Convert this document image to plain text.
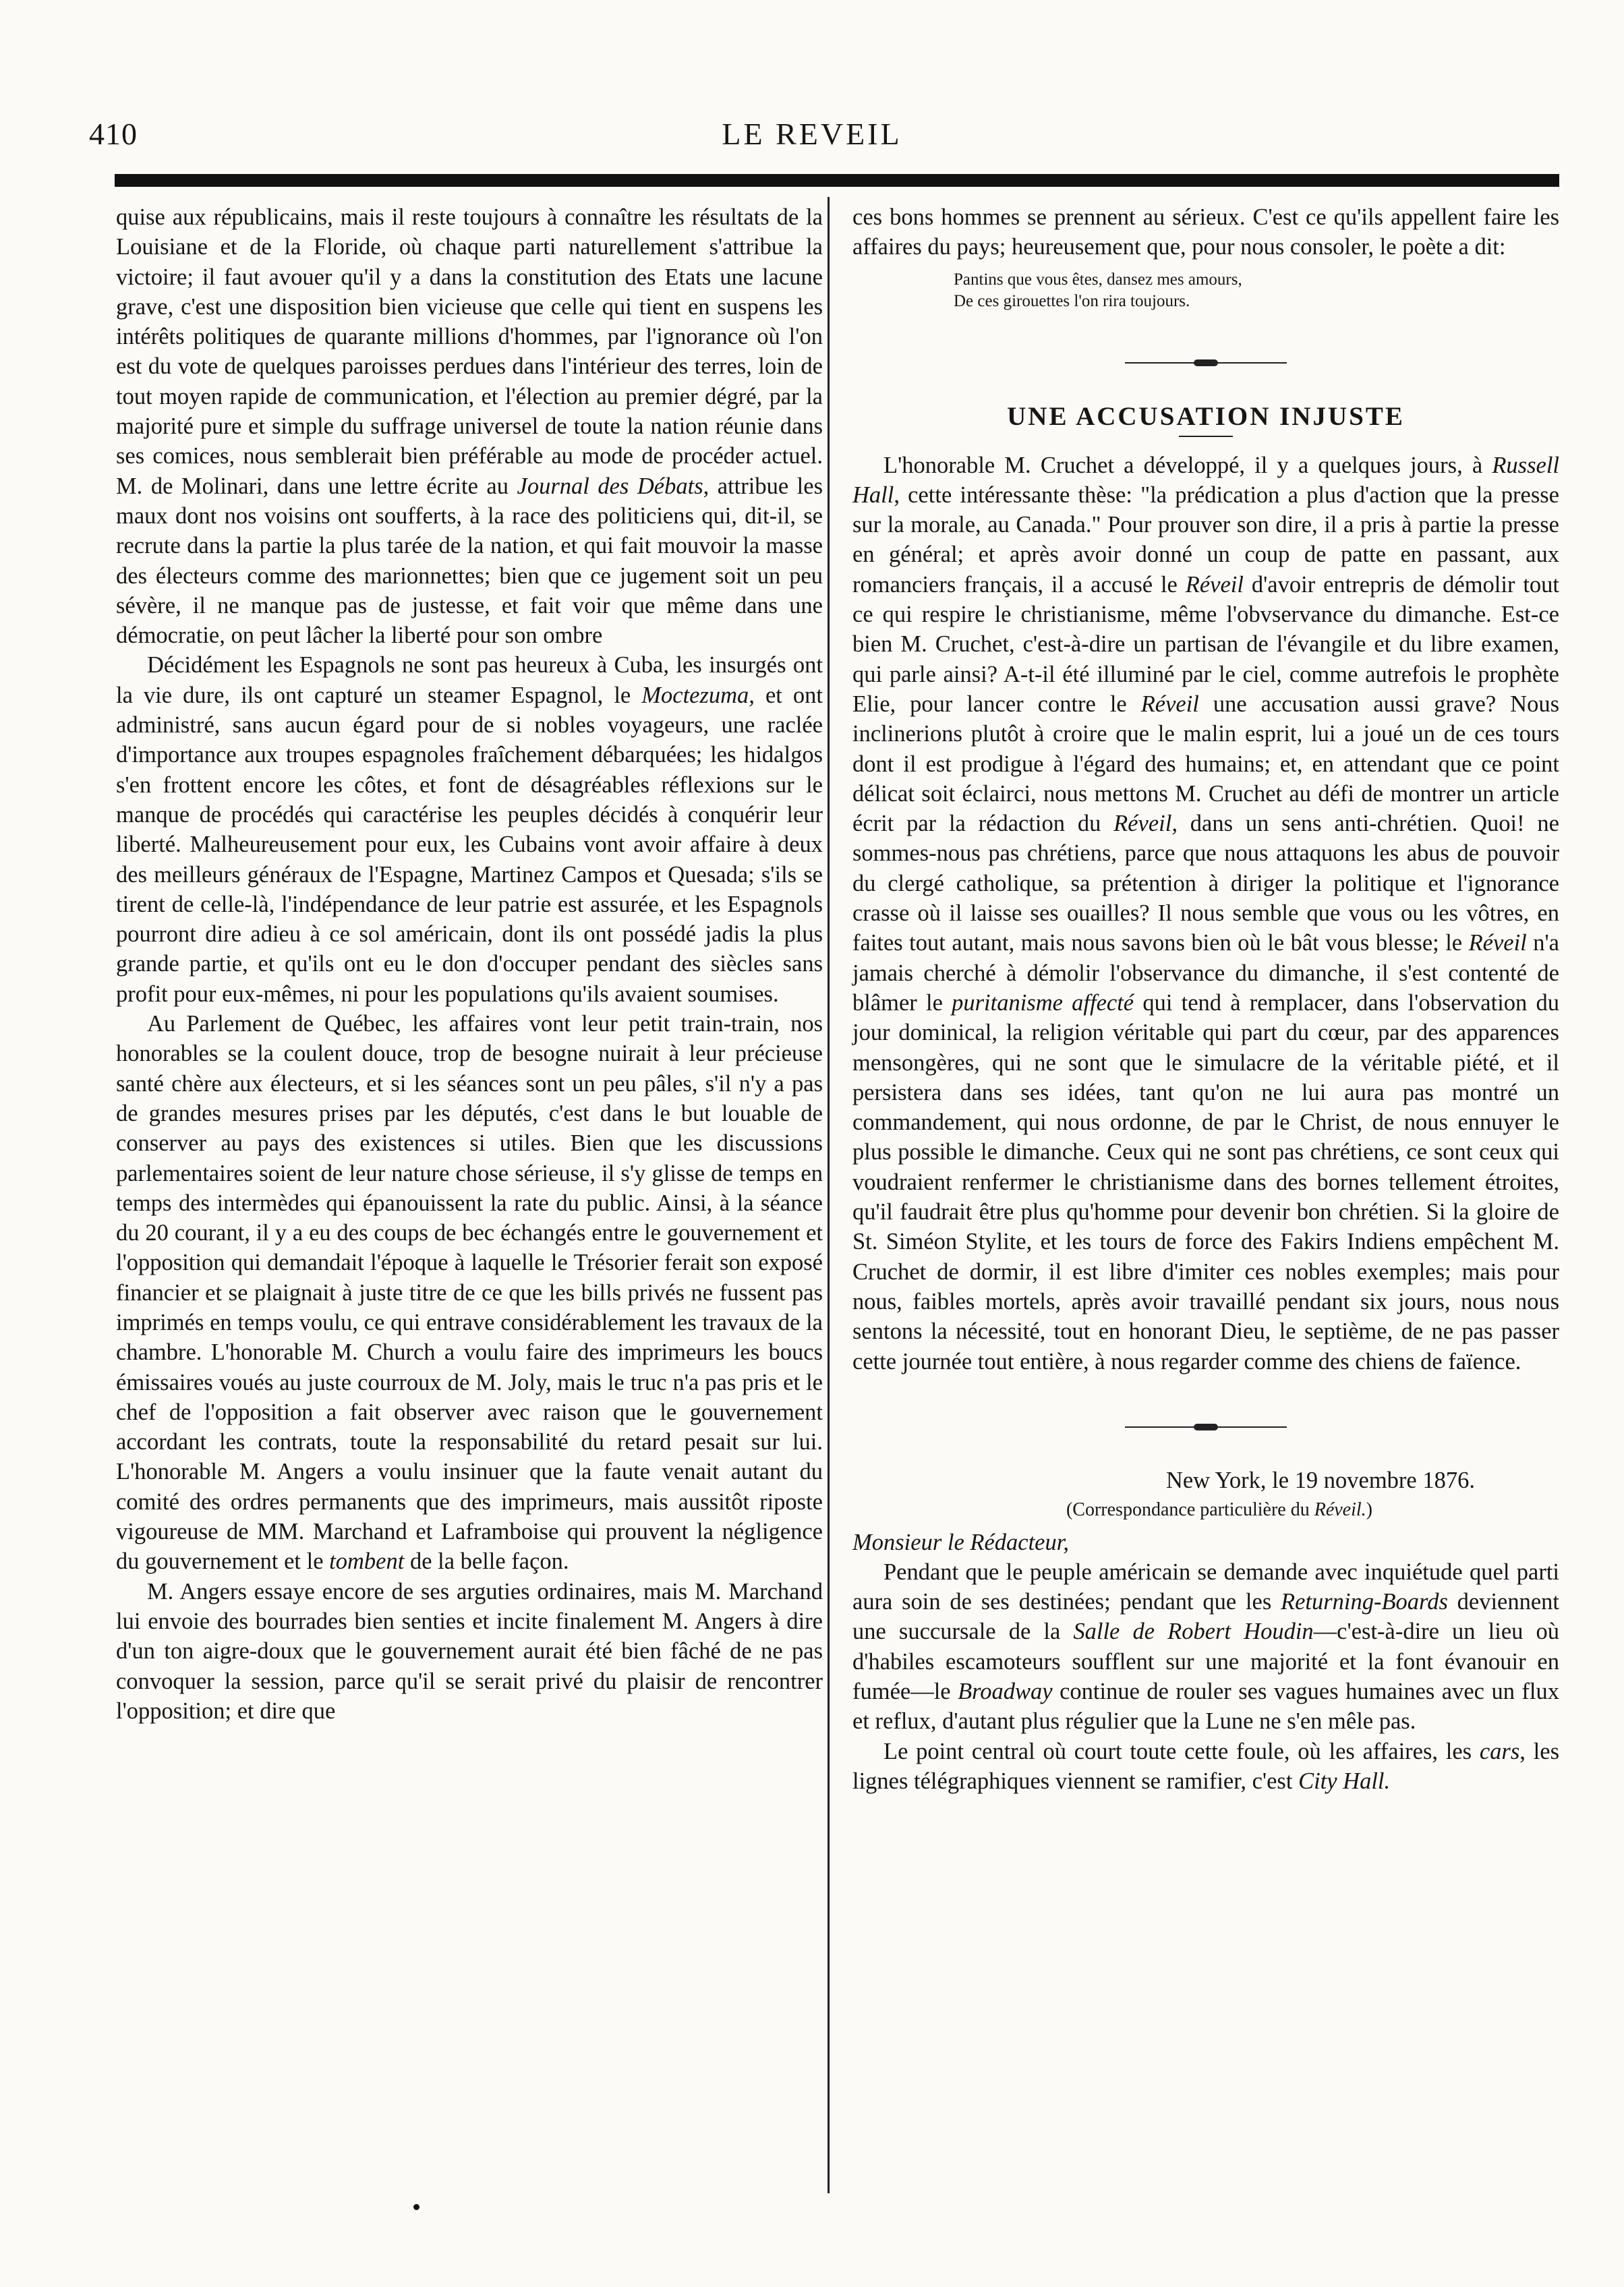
410	LE REVEIL

quise aux républicains, mais il reste toujours à connaître les résultats de la Louisiane et de la Floride, où chaque parti naturellement s'attribue la victoire; il faut avouer qu'il y a dans la constitution des Etats une lacune grave, c'est une disposition bien vicieuse que celle qui tient en suspens les intérêts politiques de quarante millions d'hommes, par l'ignorance où l'on est du vote de quelques paroisses perdues dans l'intérieur des terres, loin de tout moyen rapide de communication, et l'élection au premier dégré, par la majorité pure et simple du suffrage universel de toute la nation réunie dans ses comices, nous semblerait bien préférable au mode de procéder actuel. M. de Molinari, dans une lettre écrite au Journal des Débats, attribue les maux dont nos voisins ont soufferts, à la race des politiciens qui, dit-il, se recrute dans la partie la plus tarée de la nation, et qui fait mouvoir la masse des électeurs comme des marionnettes; bien que ce jugement soit un peu sévère, il ne manque pas de justesse, et fait voir que même dans une démocratie, on peut lâcher la liberté pour son ombre

Décidément les Espagnols ne sont pas heureux à Cuba, les insurgés ont la vie dure, ils ont capturé un steamer Espagnol, le Moctezuma, et ont administré, sans aucun égard pour de si nobles voyageurs, une raclée d'importance aux troupes espagnoles fraîchement débarquées; les hidalgos s'en frottent encore les côtes, et font de désagréables réflexions sur le manque de procédés qui caractérise les peuples décidés à conquérir leur liberté. Malheureusement pour eux, les Cubains vont avoir affaire à deux des meilleurs généraux de l'Espagne, Martinez Campos et Quesada; s'ils se tirent de celle-là, l'indépendance de leur patrie est assurée, et les Espagnols pourront dire adieu à ce sol américain, dont ils ont possédé jadis la plus grande partie, et qu'ils ont eu le don d'occuper pendant des siècles sans profit pour eux-mêmes, ni pour les populations qu'ils avaient soumises.

Au Parlement de Québec, les affaires vont leur petit train-train, nos honorables se la coulent douce, trop de besogne nuirait à leur précieuse santé chère aux électeurs, et si les séances sont un peu pâles, s'il n'y a pas de grandes mesures prises par les députés, c'est dans le but louable de conserver au pays des existences si utiles. Bien que les discussions parlementaires soient de leur nature chose sérieuse, il s'y glisse de temps en temps des intermèdes qui épanouissent la rate du public. Ainsi, à la séance du 20 courant, il y a eu des coups de bec échangés entre le gouvernement et l'opposition qui demandait l'époque à laquelle le Trésorier ferait son exposé financier et se plaignait à juste titre de ce que les bills privés ne fussent pas imprimés en temps voulu, ce qui entrave considérablement les travaux de la chambre. L'honorable M. Church a voulu faire des imprimeurs les boucs émissaires voués au juste courroux de M. Joly, mais le truc n'a pas pris et le chef de l'opposition a fait observer avec raison que le gouvernement accordant les contrats, toute la responsabilité du retard pesait sur lui. L'honorable M. Angers a voulu insinuer que la faute venait autant du comité des ordres permanents que des imprimeurs, mais aussitôt riposte vigoureuse de MM. Marchand et Laframboise qui prouvent la négligence du gouvernement et le tombent de la belle façon.

M. Angers essaye encore de ses arguties ordinaires, mais M. Marchand lui envoie des bourrades bien senties et incite finalement M. Angers à dire d'un ton aigre-doux que le gouvernement aurait été bien fâché de ne pas convoquer la session, parce qu'il se serait privé du plaisir de rencontrer l'opposition; et dire que

ces bons hommes se prennent au sérieux. C'est ce qu'ils appellent faire les affaires du pays; heureusement que, pour nous consoler, le poète a dit:

Pantins que vous êtes, dansez mes amours,
De ces girouettes l'on rira toujours.
UNE ACCUSATION INJUSTE

L'honorable M. Cruchet a développé, il y a quelques jours, à Russell Hall, cette intéressante thèse: "la prédication a plus d'action que la presse sur la morale, au Canada." Pour prouver son dire, il a pris à partie la presse en général; et après avoir donné un coup de patte en passant, aux romanciers français, il a accusé le Réveil d'avoir entrepris de démolir tout ce qui respire le christianisme, même l'obvservance du dimanche. Est-ce bien M. Cruchet, c'est-à-dire un partisan de l'évangile et du libre examen, qui parle ainsi? A-t-il été illuminé par le ciel, comme autrefois le prophète Elie, pour lancer contre le Réveil une accusation aussi grave? Nous inclinerions plutôt à croire que le malin esprit, lui a joué un de ces tours dont il est prodigue à l'égard des humains; et, en attendant que ce point délicat soit éclairci, nous mettons M. Cruchet au défi de montrer un article écrit par la rédaction du Réveil, dans un sens anti-chrétien. Quoi! ne sommes-nous pas chrétiens, parce que nous attaquons les abus de pouvoir du clergé catholique, sa prétention à diriger la politique et l'ignorance crasse où il laisse ses ouailles? Il nous semble que vous ou les vôtres, en faites tout autant, mais nous savons bien où le bât vous blesse; le Réveil n'a jamais cherché à démolir l'observance du dimanche, il s'est contenté de blâmer le puritanisme affecté qui tend à remplacer, dans l'observation du jour dominical, la religion véritable qui part du cœur, par des apparences mensongères, qui ne sont que le simulacre de la véritable piété, et il persistera dans ses idées, tant qu'on ne lui aura pas montré un commandement, qui nous ordonne, de par le Christ, de nous ennuyer le plus possible le dimanche. Ceux qui ne sont pas chrétiens, ce sont ceux qui voudraient renfermer le christianisme dans des bornes tellement étroites, qu'il faudrait être plus qu'homme pour devenir bon chrétien. Si la gloire de St. Siméon Stylite, et les tours de force des Fakirs Indiens empêchent M. Cruchet de dormir, il est libre d'imiter ces nobles exemples; mais pour nous, faibles mortels, après avoir travaillé pendant six jours, nous nous sentons la nécessité, tout en honorant Dieu, le septième, de ne pas passer cette journée tout entière, à nous regarder comme des chiens de faïence.

New York, le 19 novembre 1876.
(Correspondance particulière du Réveil.)
Monsieur le Rédacteur,

Pendant que le peuple américain se demande avec inquiétude quel parti aura soin de ses destinées; pendant que les Returning-Boards deviennent une succursale de la Salle de Robert Houdin—c'est-à-dire un lieu où d'habiles escamoteurs soufflent sur une majorité et la font évanouir en fumée—le Broadway continue de rouler ses vagues humaines avec un flux et reflux, d'autant plus régulier que la Lune ne s'en mêle pas.

Le point central où court toute cette foule, où les affaires, les cars, les lignes télégraphiques viennent se ramifier, c'est City Hall.
